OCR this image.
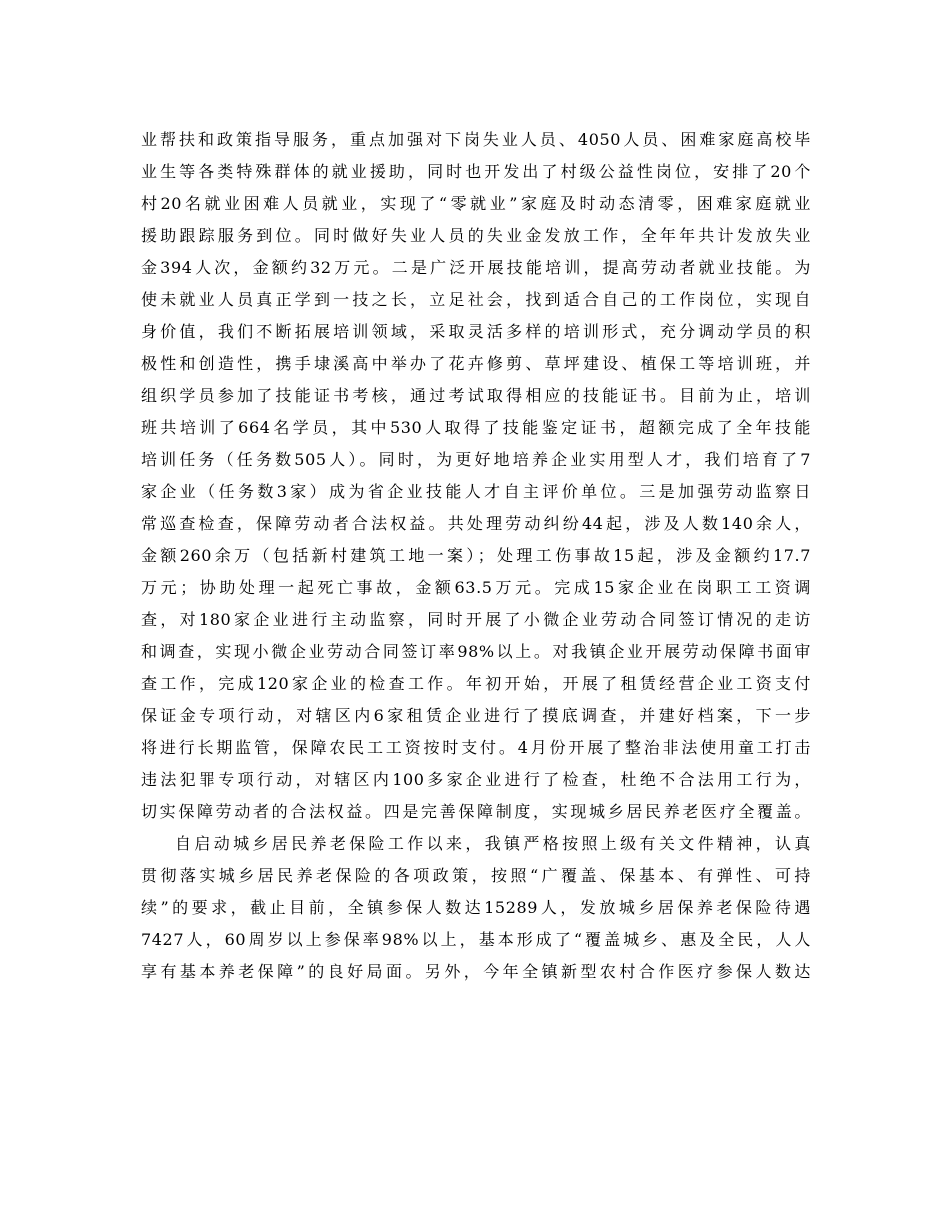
业帮扶和政策指导服务，重点加强对下岗失业人员、4050人员、困难家庭高校毕
业生等各类特殊群体的就业援助，同时也开发出了村级公益性岗位，安排了20个
村20名就业困难人员就业，实现了“零就业”家庭及时动态清零，困难家庭就业
援助跟踪服务到位。同时做好失业人员的失业金发放工作，全年年共计发放失业
金394人次，金额约32万元。二是广泛开展技能培训，提高劳动者就业技能。为
使未就业人员真正学到一技之长，立足社会，找到适合自己的工作岗位，实现自
身价值，我们不断拓展培训领域，采取灵活多样的培训形式，充分调动学员的积
极性和创造性，携手埭溪高中举办了花卉修剪、草坪建设、植保工等培训班，并
组织学员参加了技能证书考核，通过考试取得相应的技能证书。目前为止，培训
班共培训了664名学员，其中530人取得了技能鉴定证书，超额完成了全年技能
培训任务（任务数505人）。同时，为更好地培养企业实用型人才，我们培育了7
家企业（任务数3家）成为省企业技能人才自主评价单位。三是加强劳动监察日
常巡查检查，保障劳动者合法权益。共处理劳动纠纷44起，涉及人数140余人，
金额260余万（包括新村建筑工地一案）；处理工伤事故15起，涉及金额约17.7
万元；协助处理一起死亡事故，金额63.5万元。完成15家企业在岗职工工资调
查，对180家企业进行主动监察，同时开展了小微企业劳动合同签订情况的走访
和调查，实现小微企业劳动合同签订率98%以上。对我镇企业开展劳动保障书面审
查工作，完成120家企业的检查工作。年初开始，开展了租赁经营企业工资支付
保证金专项行动，对辖区内6家租赁企业进行了摸底调查，并建好档案，下一步
将进行长期监管，保障农民工工资按时支付。4月份开展了整治非法使用童工打击
违法犯罪专项行动，对辖区内100多家企业进行了检查，杜绝不合法用工行为，
切实保障劳动者的合法权益。四是完善保障制度，实现城乡居民养老医疗全覆盖。
自启动城乡居民养老保险工作以来，我镇严格按照上级有关文件精神，认真
贯彻落实城乡居民养老保险的各项政策，按照“广覆盖、保基本、有弹性、可持
续”的要求，截止目前，全镇参保人数达15289人，发放城乡居保养老保险待遇
7427人，60周岁以上参保率98%以上，基本形成了“覆盖城乡、惠及全民，人人
享有基本养老保障”的良好局面。另外，今年全镇新型农村合作医疗参保人数达
